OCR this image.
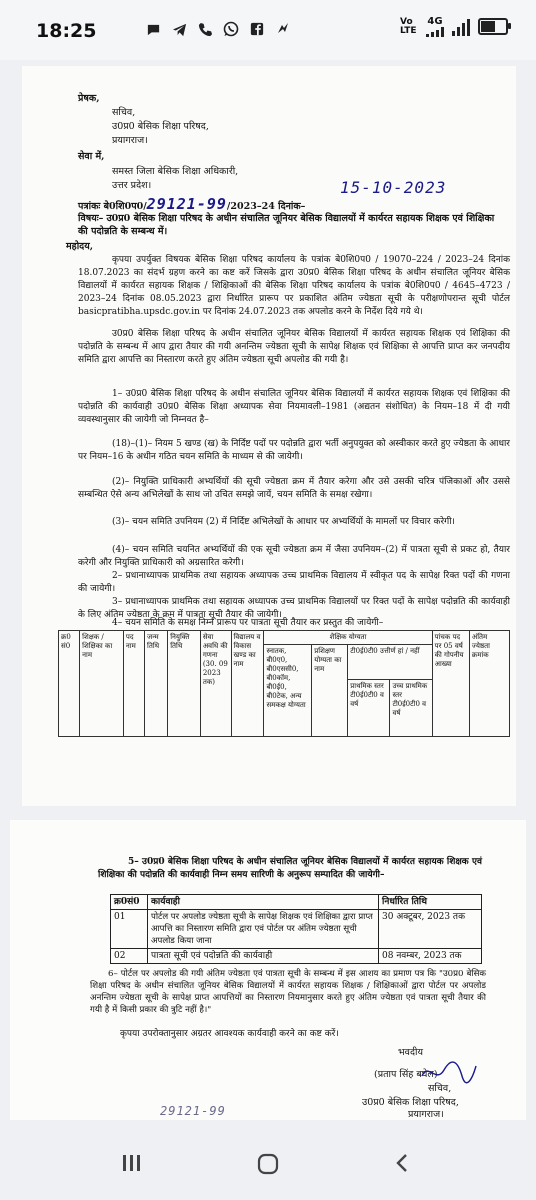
18:25	Vo LTE
4G
प्रेषक,
सचिव,
उ0प्र0 बेसिक शिक्षा परिषद,
प्रयागराज।
सेवा में,
समस्त जिला बेसिक शिक्षा अधिकारी,
उत्तर प्रदेश।
पत्रांकः बे0शि0प0/29121-99/2023–24 दिनांक–
15-10-2023
विषयः– उ0प्र0 बेसिक शिक्षा परिषद के अधीन संचालित जूनियर बेसिक विद्यालयों में कार्यरत सहायक शिक्षक एवं शिक्षिका की पदोन्नति के सम्बन्ध में।
महोदय,
कृपया उपर्युक्त विषयक बेसिक शिक्षा परिषद कार्यालय के पत्रांक बे0शि0प0 / 19070–224 / 2023–24 दिनांक 18.07.2023 का संदर्भ ग्रहण करने का कष्ट करें जिसके द्वारा उ0प्र0 बेसिक शिक्षा परिषद के अधीन संचालित जूनियर बेसिक विद्यालयों में कार्यरत सहायक शिक्षक / शिक्षिकाओं की बेसिक शिक्षा परिषद कार्यालय के पत्रांक बे0शि0प0 / 4645–4723 / 2023–24 दिनांक 08.05.2023 द्वारा निर्धारित प्रारूप पर प्रकाशित अंतिम ज्येष्ठता सूची के परीक्षणोपरान्त सूची पोर्टल basicpratibha.upsdc.gov.in पर दिनांक 24.07.2023 तक अपलोड करने के निर्देश दिये गये थे।
उ0प्र0 बेसिक शिक्षा परिषद के अधीन संचालित जूनियर बेसिक विद्यालयों में कार्यरत सहायक शिक्षक एवं शिक्षिका की पदोन्नति के सम्बन्ध में आप द्वारा तैयार की गयी अनन्तिम ज्येष्ठता सूची के सापेक्ष शिक्षक एवं शिक्षिका से आपत्ति प्राप्त कर जनपदीय समिति द्वारा आपत्ति का निस्तारण करते हुए अंतिम ज्येष्ठता सूची अपलोड की गयी है।
1– उ0प्र0 बेसिक शिक्षा परिषद के अधीन संचालित जूनियर बेसिक विद्यालयों में कार्यरत सहायक शिक्षक एवं शिक्षिका की पदोन्नति की कार्यवाही उ0प्र0 बेसिक शिक्षा अध्यापक सेवा नियमावली–1981 (अद्यतन संशोधित) के नियम–18 में दी गयी व्यवस्थानुसार की जायेगी जो निम्नवत है–
(18)–(1)– नियम 5 खण्ड (ख) के निर्दिष्ट पदों पर पदोन्नति द्वारा भर्ती अनुपयुक्त को अस्वीकार करते हुए ज्येष्ठता के आधार पर नियम–16 के अधीन गठित चयन समिति के माध्यम से की जायेगी।
(2)– नियुक्ति प्राधिकारी अभ्यर्थियों की सूची ज्येष्ठता क्रम में तैयार करेगा और उसे उसकी चरित्र पंजिकाओं और उससे सम्बन्धित ऐसे अन्य अभिलेखों के साथ जो उचित समझे जायें, चयन समिति के समक्ष रखेगा।
(3)– चयन समिति उपनियम (2) में निर्दिष्ट अभिलेखों के आधार पर अभ्यर्थियों के मामलों पर विचार करेगी।
(4)– चयन समिति चयनित अभ्यर्थियों की एक सूची ज्येष्ठता क्रम में जैसा उपनियम–(2) में पात्रता सूची से प्रकट हो, तैयार करेगी और नियुक्ति प्राधिकारी को अग्रसारित करेगी।
2– प्रधानाध्यापक प्राथमिक तथा सहायक अध्यापक उच्च प्राथमिक विद्यालय में स्वीकृत पद के सापेक्ष रिक्त पदों की गणना की जायेगी।
3– प्रधानाध्यापक प्राथमिक तथा सहायक अध्यापक उच्च प्राथमिक विद्यालयों पर रिक्त पदों के सापेक्ष पदोन्नति की कार्यवाही के लिए अंतिम ज्येष्ठता के क्रम में पात्रता सूची तैयार की जायेगी।
4– चयन समिति के समक्ष निम्न प्रारूप पर पात्रता सूची तैयार कर प्रस्तुत की जायेगी–
क्र0 सं0	शिक्षक / शिक्षिका का नाम	पद नाम	जन्म तिथि	नियुक्ति तिथि	सेवा अवधि की गणना (30. 09 2023 तक)	विद्यालय व विकास खण्ड का नाम	शैक्षिक योग्यता				पांचक पद पर 05 वर्ष की गोपनीय आख्या	अंतिम ज्येष्ठता क्रमांक
							स्नातक, बी0ए0, बी0एससी0, बी0कॉम, बी0ई0, बी0टेक, अन्य समकक्ष योग्यता	प्रशिक्षण योग्यता का नाम	टी0ई0टी0 उत्तीर्ण हां / नहीं			
									प्राथमिक स्तर टी0ई0टी0 व वर्ष	उच्च प्राथमिक स्तर टी0ई0टी0 व वर्ष		
5– उ0प्र0 बेसिक शिक्षा परिषद के अधीन संचालित जूनियर बेसिक विद्यालयों में कार्यरत सहायक शिक्षक एवं शिक्षिका की पदोन्नति की कार्यवाही निम्न समय सारिणी के अनुरूप सम्पादित की जायेगी–
क्र0सं0	कार्यवाही	निर्धारित तिथि
01	पोर्टल पर अपलोड ज्येष्ठता सूची के सापेक्ष शिक्षक एवं शिक्षिका द्वारा प्राप्त आपत्ति का निस्तारण समिति द्वारा एवं पोर्टल पर अंतिम ज्येष्ठता सूची अपलोड किया जाना	30 अक्टूबर, 2023 तक
02	पात्रता सूची एवं पदोन्नति की कार्यवाही	08 नवम्बर, 2023 तक
6– पोर्टल पर अपलोड की गयी अंतिम ज्येष्ठता एवं पात्रता सूची के सम्बन्ध में इस आशय का प्रमाण पत्र कि "उ0प्र0 बेसिक शिक्षा परिषद के अधीन संचालित जूनियर बेसिक विद्यालयों में कार्यरत सहायक शिक्षक / शिक्षिकाओं द्वारा पोर्टल पर अपलोड अनन्तिम ज्येष्ठता सूची के सापेक्ष प्राप्त आपत्तियों का निस्तारण नियमानुसार करते हुए अंतिम ज्येष्ठता एवं पात्रता सूची तैयार की गयी है में किसी प्रकार की त्रुटि नहीं है।"
कृपया उपरोक्तानुसार अग्रतर आवश्यक कार्यवाही करने का कष्ट करें।
भवदीय
(प्रताप सिंह बघेल)
सचिव,
उ0प्र0 बेसिक शिक्षा परिषद,
प्रयागराज।
29121-99
